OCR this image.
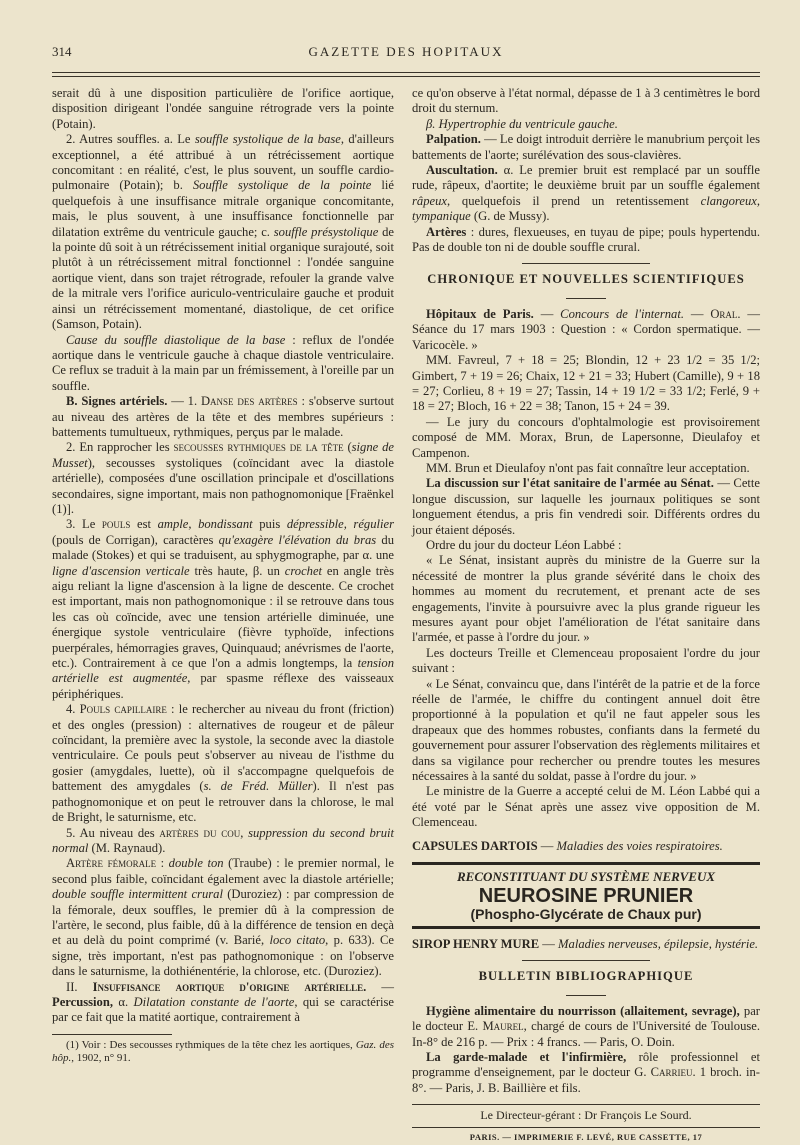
314	GAZETTE DES HOPITAUX

serait dû à une disposition particulière de l'orifice aortique, disposition dirigeant l'ondée sanguine rétrograde vers la pointe (Potain).

2. Autres souffles. a. Le souffle systolique de la base, d'ailleurs exceptionnel, a été attribué à un rétrécissement aortique concomitant : en réalité, c'est, le plus souvent, un souffle cardio-pulmonaire (Potain); b. Souffle systolique de la pointe lié quelquefois à une insuffisance mitrale organique concomitante, mais, le plus souvent, à une insuffisance fonctionnelle par dilatation extrême du ventricule gauche; c. souffle présystolique de la pointe dû soit à un rétrécissement initial organique surajouté, soit plutôt à un rétrécissement mitral fonctionnel : l'ondée sanguine aortique vient, dans son trajet rétrograde, refouler la grande valve de la mitrale vers l'orifice auriculo-ventriculaire gauche et produit ainsi un rétrécissement momentané, diastolique, de cet orifice (Samson, Potain).

Cause du souffle diastolique de la base : reflux de l'ondée aortique dans le ventricule gauche à chaque diastole ventriculaire. Ce reflux se traduit à la main par un frémissement, à l'oreille par un souffle.

B. Signes artériels. — 1. Danse des artères : s'observe surtout au niveau des artères de la tête et des membres supérieurs : battements tumultueux, rythmiques, perçus par le malade.

2. En rapprocher les secousses rythmiques de la tête (signe de Musset), secousses systoliques (coïncidant avec la diastole artérielle), composées d'une oscillation principale et d'oscillations secondaires, signe important, mais non pathognomonique [Fraënkel (1)].

3. Le pouls est ample, bondissant puis dépressible, régulier (pouls de Corrigan), caractères qu'exagère l'élévation du bras du malade (Stokes) et qui se traduisent, au sphygmographe, par α. une ligne d'ascension verticale très haute, β. un crochet en angle très aigu reliant la ligne d'ascension à la ligne de descente. Ce crochet est important, mais non pathognomonique : il se retrouve dans tous les cas où coïncide, avec une tension artérielle diminuée, une énergique systole ventriculaire (fièvre typhoïde, infections puerpérales, hémorragies graves, Quinquaud; anévrismes de l'aorte, etc.). Contrairement à ce que l'on a admis longtemps, la tension artérielle est augmentée, par spasme réflexe des vaisseaux périphériques.

4. Pouls capillaire : le rechercher au niveau du front (friction) et des ongles (pression) : alternatives de rougeur et de pâleur coïncidant, la première avec la systole, la seconde avec la diastole ventriculaire. Ce pouls peut s'observer au niveau de l'isthme du gosier (amygdales, luette), où il s'accompagne quelquefois de battement des amygdales (s. de Fréd. Müller). Il n'est pas pathognomonique et on peut le retrouver dans la chlorose, le mal de Bright, le saturnisme, etc.

5. Au niveau des artères du cou, suppression du second bruit normal (M. Raynaud).

Artère fémorale : double ton (Traube) : le premier normal, le second plus faible, coïncidant également avec la diastole artérielle; double souffle intermittent crural (Duroziez) : par compression de la fémorale, deux souffles, le premier dû à la compression de l'artère, le second, plus faible, dû à la différence de tension en deçà et au delà du point comprimé (v. Barié, loco citato, p. 633). Ce signe, très important, n'est pas pathognomonique : on l'observe dans le saturnisme, la dothiénentérie, la chlorose, etc. (Duroziez).

II. Insuffisance aortique d'origine artérielle. — Percussion, α. Dilatation constante de l'aorte, qui se caractérise par ce fait que la matité aortique, contrairement à

(1) Voir : Des secousses rythmiques de la tête chez les aortiques, Gaz. des hôp., 1902, n° 91.

ce qu'on observe à l'état normal, dépasse de 1 à 3 centimètres le bord droit du sternum.

β. Hypertrophie du ventricule gauche.

Palpation. — Le doigt introduit derrière le manubrium perçoit les battements de l'aorte; surélévation des sous-clavières.

Auscultation. α. Le premier bruit est remplacé par un souffle rude, râpeux, d'aortite; le deuxième bruit par un souffle également râpeux, quelquefois il prend un retentissement clangoreux, tympanique (G. de Mussy).

Artères : dures, flexueuses, en tuyau de pipe; pouls hypertendu. Pas de double ton ni de double souffle crural.

CHRONIQUE ET NOUVELLES SCIENTIFIQUES

Hôpitaux de Paris. — Concours de l'internat. — Oral. — Séance du 17 mars 1903 : Question : « Cordon spermatique. — Varicocèle. »

MM. Favreul, 7 + 18 = 25; Blondin, 12 + 23 1/2 = 35 1/2; Gimbert, 7 + 19 = 26; Chaix, 12 + 21 = 33; Hubert (Camille), 9 + 18 = 27; Corlieu, 8 + 19 = 27; Tassin, 14 + 19 1/2 = 33 1/2; Ferlé, 9 + 18 = 27; Bloch, 16 + 22 = 38; Tanon, 15 + 24 = 39.

— Le jury du concours d'ophtalmologie est provisoirement composé de MM. Morax, Brun, de Lapersonne, Dieulafoy et Campenon.

MM. Brun et Dieulafoy n'ont pas fait connaître leur acceptation.

La discussion sur l'état sanitaire de l'armée au Sénat. — Cette longue discussion, sur laquelle les journaux politiques se sont longuement étendus, a pris fin vendredi soir. Différents ordres du jour étaient déposés.

Ordre du jour du docteur Léon Labbé :

« Le Sénat, insistant auprès du ministre de la Guerre sur la nécessité de montrer la plus grande sévérité dans le choix des hommes au moment du recrutement, et prenant acte de ses engagements, l'invite à poursuivre avec la plus grande rigueur les mesures ayant pour objet l'amélioration de l'état sanitaire dans l'armée, et passe à l'ordre du jour. »

Les docteurs Treille et Clemenceau proposaient l'ordre du jour suivant :

« Le Sénat, convaincu que, dans l'intérêt de la patrie et de la force réelle de l'armée, le chiffre du contingent annuel doit être proportionné à la population et qu'il ne faut appeler sous les drapeaux que des hommes robustes, confiants dans la fermeté du gouvernement pour assurer l'observation des règlements militaires et dans sa vigilance pour rechercher ou prendre toutes les mesures nécessaires à la santé du soldat, passe à l'ordre du jour. »

Le ministre de la Guerre a accepté celui de M. Léon Labbé qui a été voté par le Sénat après une assez vive opposition de M. Clemenceau.

CAPSULES DARTOIS — Maladies des voies respiratoires.

RECONSTITUANT DU SYSTÈME NERVEUX
NEUROSINE PRUNIER
(Phospho-Glycérate de Chaux pur)

SIROP HENRY MURE — Maladies nerveuses, épilepsie, hystérie.

BULLETIN BIBLIOGRAPHIQUE

Hygiène alimentaire du nourrisson (allaitement, sevrage), par le docteur E. Maurel, chargé de cours de l'Université de Toulouse. In-8° de 216 p. — Prix : 4 francs. — Paris, O. Doin.

La garde-malade et l'infirmière, rôle professionnel et programme d'enseignement, par le docteur G. Carrieu. 1 broch. in-8°. — Paris, J. B. Baillière et fils.

Le Directeur-gérant : Dr François Le Sourd.
PARIS. — IMPRIMERIE F. LEVÉ, RUE CASSETTE, 17
